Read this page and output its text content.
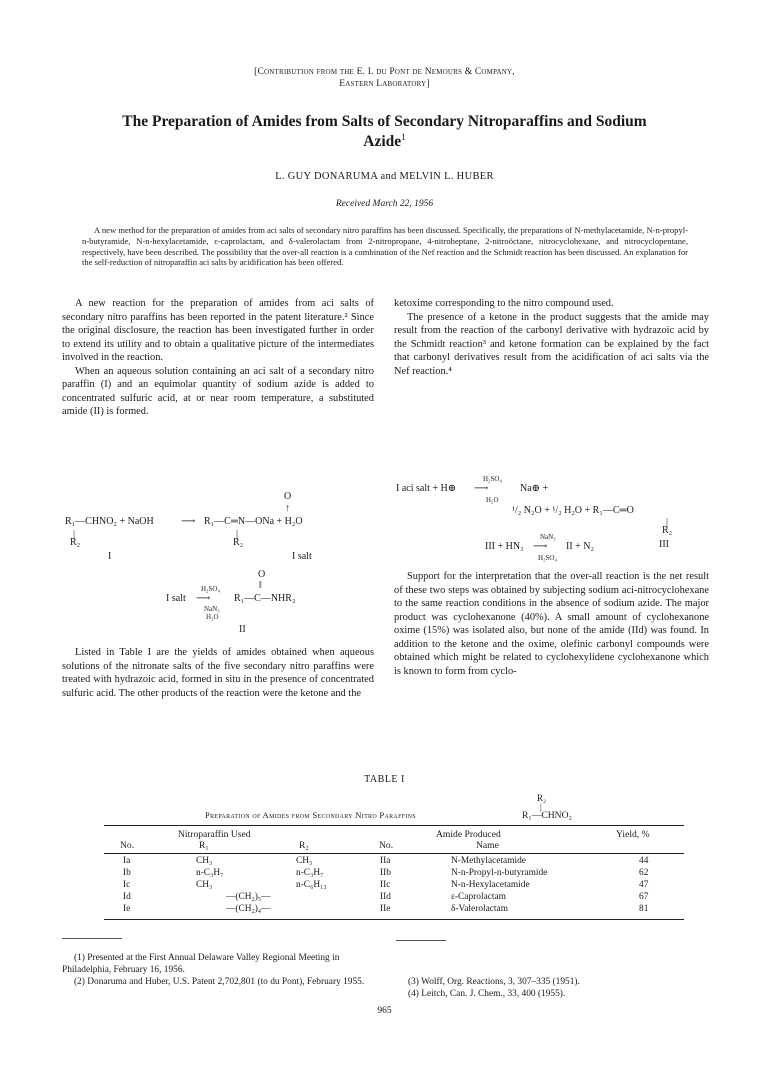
[Contribution from the E. I. du Pont de Nemours & Company,
Eastern Laboratory]
The Preparation of Amides from Salts of Secondary Nitroparaffins and Sodium
Azide$^1$
L. GUY DONARUMA and MELVIN L. HUBER
Received March 22, 1956
A new method for the preparation of amides from aci salts of secondary nitro paraffins has been discussed. Specifically, the preparations of N-methylacetamide, N-n-propyl-n-butyramide, N-n-hexylacetamide, ε-caprolactam, and δ-valerolactam from 2-nitropropane, 4-nitroheptane, 2-nitroöctane, nitrocyclohexane, and nitrocyclopentane, respectively, have been described. The possibility that the over-all reaction is a combination of the Nef reaction and the Schmidt reaction has been discussed. An explanation for the self-reduction of nitroparaffin aci salts by acidification has been offered.

A new reaction for the preparation of amides from aci salts of secondary nitro paraffins has been reported in the patent literature.² Since the original disclosure, the reaction has been investigated further in order to extend its utility and to obtain a qualitative picture of the intermediates involved in the reaction.

When an aqueous solution containing an aci salt of a secondary nitro paraffin (I) and an equimolar quantity of sodium azide is added to concentrated sulfuric acid, at or near room temperature, a substituted amide (II) is formed.

O
↑
R₁—CHNO₂ + NaOH	⟶ R₁—C═N—ONa + H₂O
|	|
R₂	R₂
I	I salt
O
‖
H₂SO₄
I salt ⟶ R₁—C—NHR₂
NaN₃
H₂O
II

Listed in Table I are the yields of amides obtained when aqueous solutions of the nitronate salts of the five secondary nitro paraffins were treated with hydrazoic acid, formed in situ in the presence of concentrated sulfuric acid. The other products of the reaction were the ketone and the

ketoxime corresponding to the nitro compound used.

The presence of a ketone in the product suggests that the amide may result from the reaction of the carbonyl derivative with hydrazoic acid by the Schmidt reaction³ and ketone formation can be explained by the fact that carbonyl derivatives result from the acidification of aci salts via the Nef reaction.⁴

H₂SO₄
I aci salt + H⊕ ⟶	Na⊕ +
H₂O
¹/₂ N₂O + ¹/₂ H₂O + R₁—C═O
|
R₂
III
NaN₃
III + HN₃ ⟶ II + N₂
H₂SO₄

Support for the interpretation that the over-all reaction is the net result of these two steps was obtained by subjecting sodium aci-nitrocyclohexane to the same reaction conditions in the absence of sodium azide. The major product was cyclohexanone (40%). A small amount of cyclohexanone oxime (15%) was isolated also, but none of the amide (IId) was found. In addition to the ketone and the oxime, olefinic carbonyl compounds were obtained which might be related to cyclohexylidene cyclohexanone which is known to form from cyclo-

TABLE I
R₂
|
Preparation of Amides from Secondary Nitro Paraffins	R₁—CHNO₂
Nitroparaffin Used	Amide Produced	Yield, %
No.	R₁	R₂	No.	Name
Ia	CH₃	CH₃	IIa	N-Methylacetamide	44
Ib	n-C₃H₇	n-C₃H₇	IIb	N-n-Propyl-n-butyramide	62
Ic	CH₃	n-C₆H₁₃	IIc	N-n-Hexylacetamide	47
Id	—(CH₂)₅—	IId	ε-Caprolactam	67
Ie	—(CH₂)₄—	IIe	δ-Valerolactam	81
(1) Presented at the First Annual Delaware Valley Regional Meeting in Philadelphia, February 16, 1956.
(2) Donaruma and Huber, U.S. Patent 2,702,801 (to du Pont), February 1955.	(3) Wolff, Org. Reactions, 3, 307–335 (1951).
(4) Leitch, Can. J. Chem., 33, 400 (1955).
965
